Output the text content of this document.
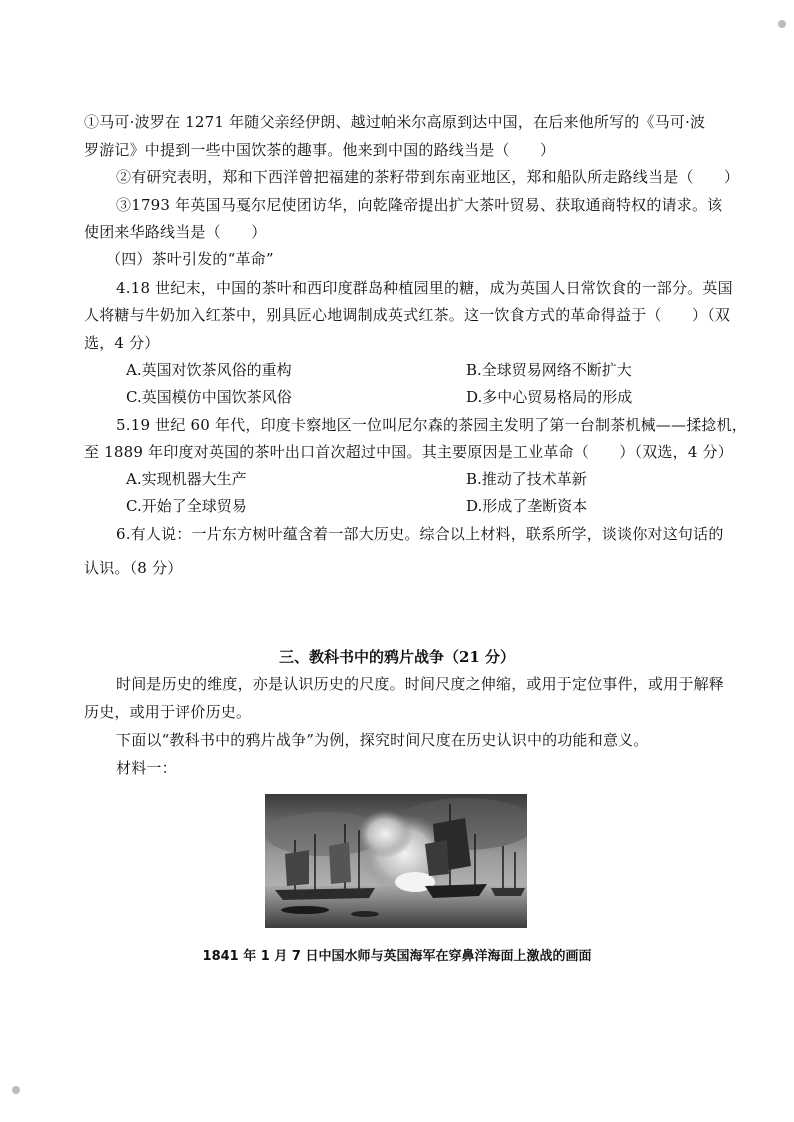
①马可·波罗在 1271 年随父亲经伊朗、越过帕米尔高原到达中国，在后来他所写的《马可·波
罗游记》中提到一些中国饮茶的趣事。他来到中国的路线当是（　　）
②有研究表明，郑和下西洋曾把福建的茶籽带到东南亚地区，郑和船队所走路线当是（　　）
③1793 年英国马戛尔尼使团访华，向乾隆帝提出扩大茶叶贸易、获取通商特权的请求。该
使团来华路线当是（　　）
（四）茶叶引发的“革命”
4.18 世纪末，中国的茶叶和西印度群岛种植园里的糖，成为英国人日常饮食的一部分。英国
人将糖与牛奶加入红茶中，别具匠心地调制成英式红茶。这一饮食方式的革命得益于（　　）（双
选，4 分）
A.英国对饮茶风俗的重构	B.全球贸易网络不断扩大
C.英国模仿中国饮茶风俗	D.多中心贸易格局的形成
5.19 世纪 60 年代，印度卡察地区一位叫尼尔森的茶园主发明了第一台制茶机械——揉捻机，
至 1889 年印度对英国的茶叶出口首次超过中国。其主要原因是工业革命（　　）（双选，4 分）
A.实现机器大生产	B.推动了技术革新
C.开始了全球贸易	D.形成了垄断资本
6.有人说：一片东方树叶蕴含着一部大历史。综合以上材料，联系所学，谈谈你对这句话的
认识。（8 分）
三、教科书中的鸦片战争（21 分）
时间是历史的维度，亦是认识历史的尺度。时间尺度之伸缩，或用于定位事件，或用于解释
历史，或用于评价历史。
下面以“教科书中的鸦片战争”为例，探究时间尺度在历史认识中的功能和意义。
材料一：
1841 年 1 月 7 日中国水师与英国海军在穿鼻洋海面上激战的画面
